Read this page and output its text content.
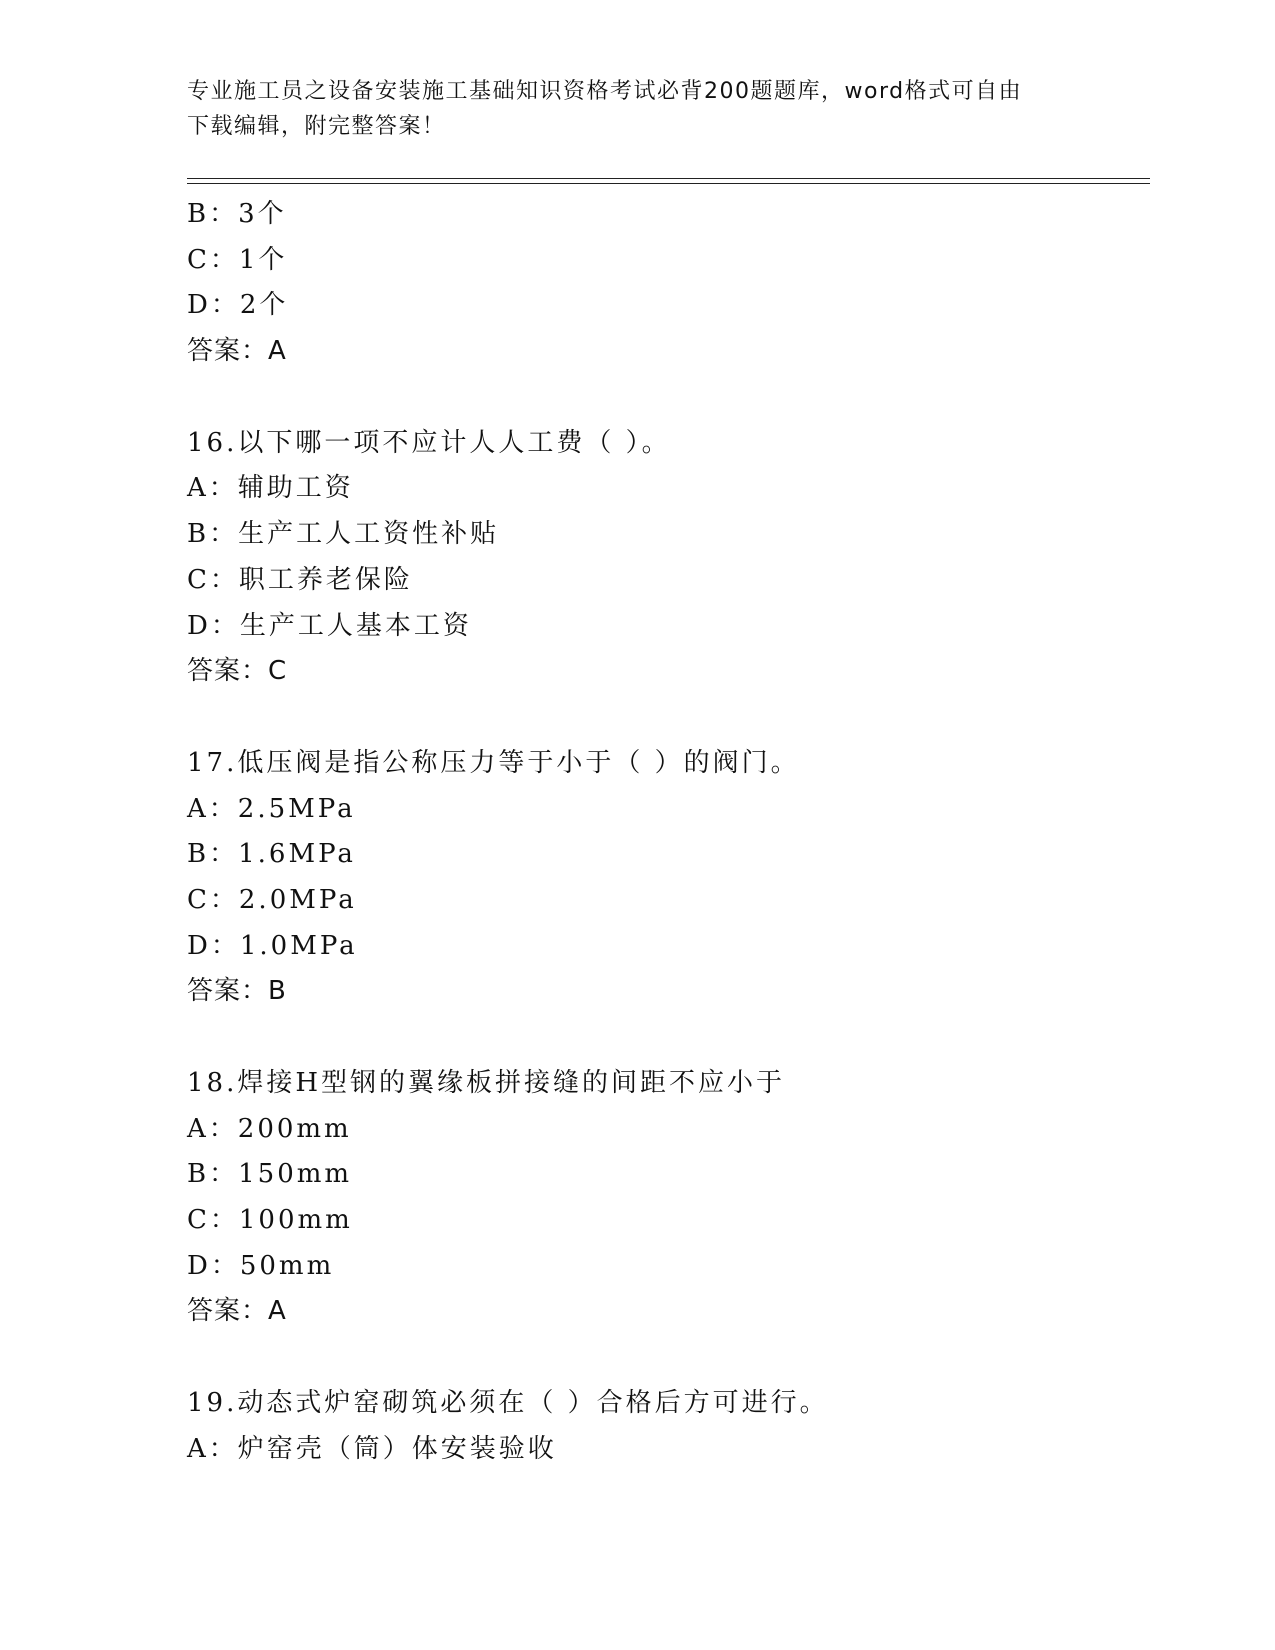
专业施工员之设备安装施工基础知识资格考试必背200题题库，word格式可自由
下载编辑，附完整答案！
B：3个
C：1个
D：2个
答案：A
16.以下哪一项不应计人人工费（ ）。
A：辅助工资
B：生产工人工资性补贴
C：职工养老保险
D：生产工人基本工资
答案：C
17.低压阀是指公称压力等于小于（ ）的阀门。
A：2.5MPa
B：1.6MPa
C：2.0MPa
D：1.0MPa
答案：B
18.焊接H型钢的翼缘板拼接缝的间距不应小于
A：200mm
B：150mm
C：100mm
D：50mm
答案：A
19.动态式炉窑砌筑必须在（ ）合格后方可进行。
A：炉窑壳（筒）体安装验收
